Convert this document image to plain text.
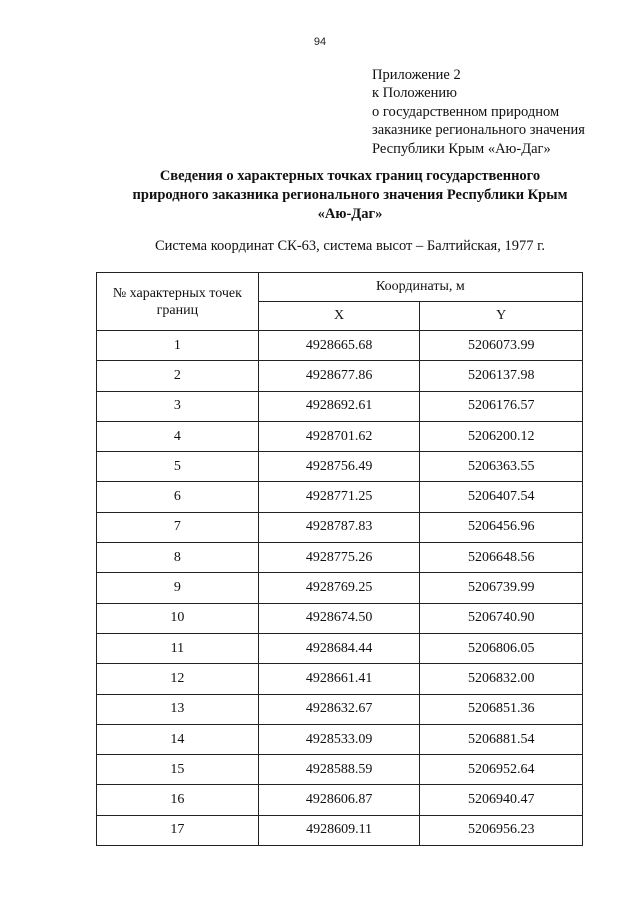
94
Приложение 2
к Положению
о государственном природном
заказнике регионального значения
Республики Крым «Аю-Даг»
Сведения о характерных точках границ государственного
природного заказника регионального значения Республики Крым
«Аю-Даг»
Система координат СК-63, система высот – Балтийская, 1977 г.
№ характерных точек границ	Координаты, м	
	X	Y
1	4928665.68	5206073.99
2	4928677.86	5206137.98
3	4928692.61	5206176.57
4	4928701.62	5206200.12
5	4928756.49	5206363.55
6	4928771.25	5206407.54
7	4928787.83	5206456.96
8	4928775.26	5206648.56
9	4928769.25	5206739.99
10	4928674.50	5206740.90
11	4928684.44	5206806.05
12	4928661.41	5206832.00
13	4928632.67	5206851.36
14	4928533.09	5206881.54
15	4928588.59	5206952.64
16	4928606.87	5206940.47
17	4928609.11	5206956.23
